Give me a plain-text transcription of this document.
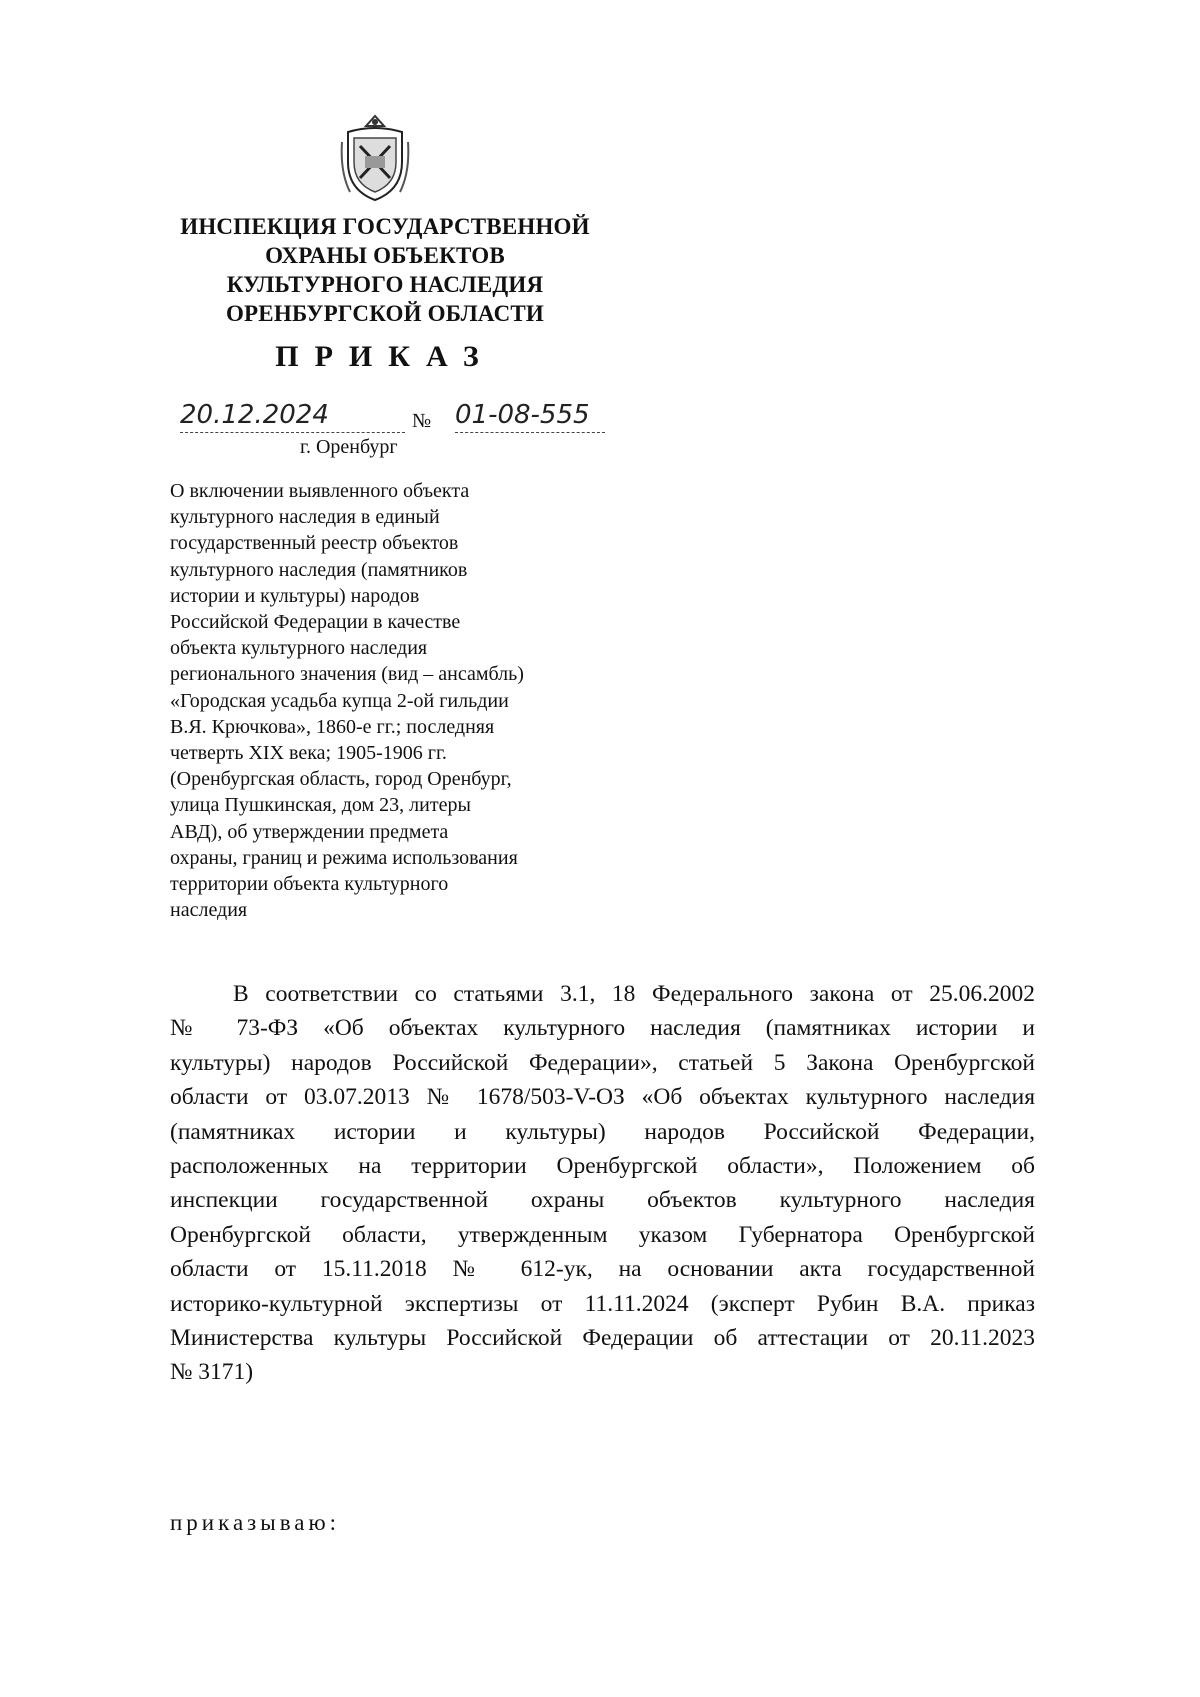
ИНСПЕКЦИЯ ГОСУДАРСТВЕННОЙ
ОХРАНЫ ОБЪЕКТОВ
КУЛЬТУРНОГО НАСЛЕДИЯ
ОРЕНБУРГСКОЙ ОБЛАСТИ
ПРИКАЗ
20.12.2024	№ 01-08-555
г. Оренбург
О включении выявленного объекта
культурного наследия в единый
государственный реестр объектов
культурного наследия (памятников
истории и культуры) народов
Российской Федерации в качестве
объекта культурного наследия
регионального значения (вид – ансамбль)
«Городская усадьба купца 2-ой гильдии
В.Я. Крючкова», 1860-е гг.; последняя
четверть XIX века; 1905-1906 гг.
(Оренбургская область, город Оренбург,
улица Пушкинская, дом 23, литеры
АВД), об утверждении предмета
охраны, границ и режима использования
территории объекта культурного
наследия
В соответствии со статьями 3.1, 18 Федерального закона от 25.06.2002
№ 73-ФЗ «Об объектах культурного наследия (памятниках истории и
культуры) народов Российской Федерации», статьей 5 Закона Оренбургской
области от 03.07.2013 № 1678/503-V-ОЗ «Об объектах культурного наследия
(памятниках истории и культуры) народов Российской Федерации,
расположенных на территории Оренбургской области», Положением об
инспекции государственной охраны объектов культурного наследия
Оренбургской области, утвержденным указом Губернатора Оренбургской
области от 15.11.2018 № 612-ук, на основании акта государственной
историко-культурной экспертизы от 11.11.2024 (эксперт Рубин В.А. приказ
Министерства культуры Российской Федерации об аттестации от 20.11.2023
№ 3171)
приказываю:
